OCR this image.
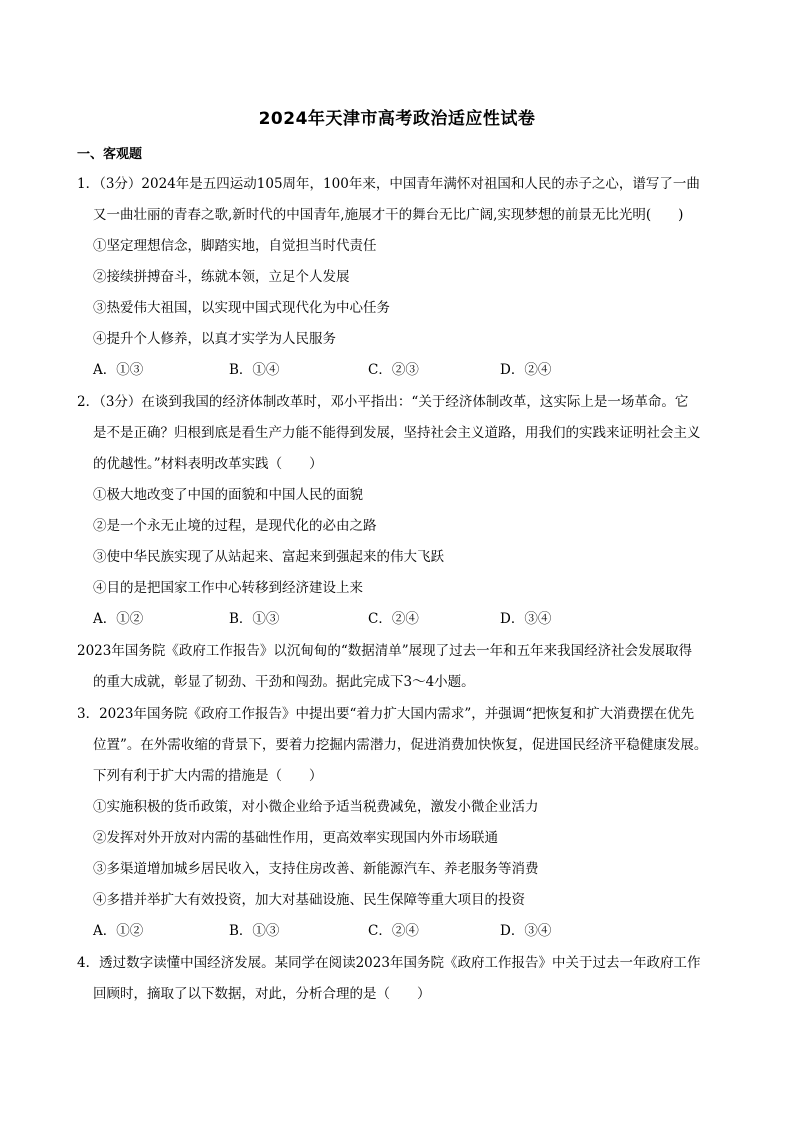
2024年天津市高考政治适应性试卷
一、客观题
1．（3分）2024年是五四运动105周年，100年来，中国青年满怀对祖国和人民的赤子之心，谱写了一曲
又一曲壮丽的青春之歌,新时代的中国青年,施展才干的舞台无比广阔,实现梦想的前景无比光明(　　)
①坚定理想信念，脚踏实地，自觉担当时代责任
②接续拼搏奋斗，练就本领，立足个人发展
③热爱伟大祖国，以实现中国式现代化为中心任务
④提升个人修养，以真才实学为人民服务
A．①③	B．①④	C．②③	D．②④
2．（3分）在谈到我国的经济体制改革时，邓小平指出：“关于经济体制改革，这实际上是一场革命。它
是不是正确？归根到底是看生产力能不能得到发展，坚持社会主义道路，用我们的实践来证明社会主义
的优越性。”材料表明改革实践（　　）
①极大地改变了中国的面貌和中国人民的面貌
②是一个永无止境的过程，是现代化的必由之路
③使中华民族实现了从站起来、富起来到强起来的伟大飞跃
④目的是把国家工作中心转移到经济建设上来
A．①②	B．①③	C．②④	D．③④
2023年国务院《政府工作报告》以沉甸甸的“数据清单”展现了过去一年和五年来我国经济社会发展取得
的重大成就，彰显了韧劲、干劲和闯劲。据此完成下3～4小题。
3．2023年国务院《政府工作报告》中提出要“着力扩大国内需求”，并强调“把恢复和扩大消费摆在优先
位置”。在外需收缩的背景下，要着力挖掘内需潜力，促进消费加快恢复，促进国民经济平稳健康发展。
下列有利于扩大内需的措施是（　　）
①实施积极的货币政策，对小微企业给予适当税费减免，激发小微企业活力
②发挥对外开放对内需的基础性作用，更高效率实现国内外市场联通
③多渠道增加城乡居民收入，支持住房改善、新能源汽车、养老服务等消费
④多措并举扩大有效投资，加大对基础设施、民生保障等重大项目的投资
A．①②	B．①③	C．②④	D．③④
4．透过数字读懂中国经济发展。某同学在阅读2023年国务院《政府工作报告》中关于过去一年政府工作
回顾时，摘取了以下数据，对此，分析合理的是（　　）
